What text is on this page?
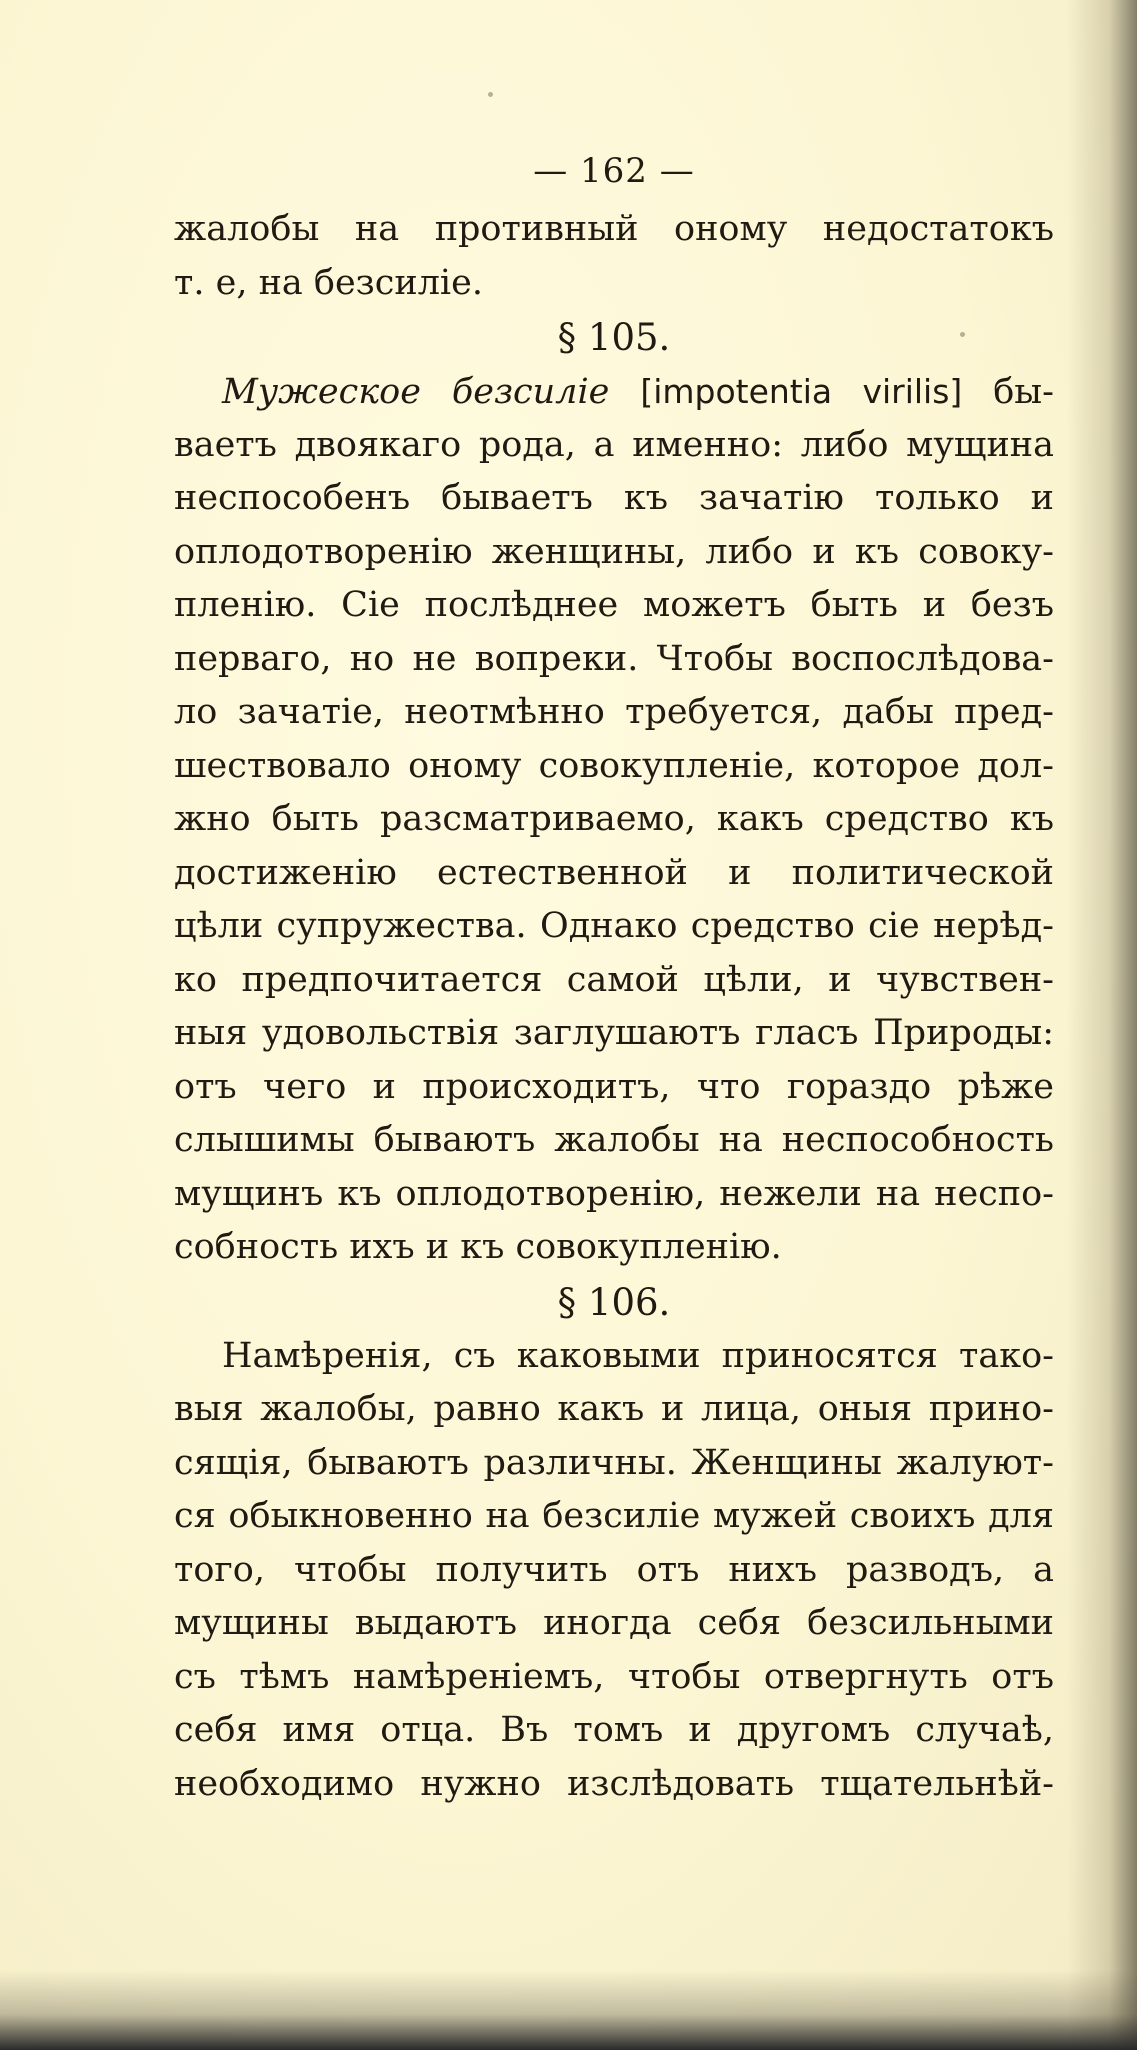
— 162 —
жалобы на противный оному недостатокъ
т. е, на безсилiе.
§ 105.
Мужеское безсилiе [impotentia virilis] бы-
ваетъ двоякаго рода, а именно: либо мущина
неспособенъ бываетъ къ зачатiю только и
оплодотворенiю женщины, либо и къ совоку-
пленiю. Сiе послѣднее можетъ быть и безъ
перваго, но не вопреки. Чтобы воспослѣдова-
ло зачатiе, неотмѣнно требуется, дабы пред-
шествовало оному совокупленiе, которое дол-
жно быть разсматриваемо, какъ средство къ
достиженiю естественной и политической
цѣли супружества. Однако средство сiе нерѣд-
ко предпочитается самой цѣли, и чувствен-
ныя удовольствiя заглушаютъ гласъ Природы:
отъ чего и происходитъ, что гораздо рѣже
слышимы бываютъ жалобы на неспособность
мущинъ къ оплодотворенiю, нежели на неспо-
собность ихъ и къ совокупленiю.
§ 106.
Намѣренiя, съ каковыми приносятся тако-
выя жалобы, равно какъ и лица, оныя прино-
сящiя, бываютъ различны. Женщины жалуют-
ся обыкновенно на безсилiе мужей своихъ для
того, чтобы получить отъ нихъ разводъ, а
мущины выдаютъ иногда себя безсильными
съ тѣмъ намѣренiемъ, чтобы отвергнуть отъ
себя имя отца. Въ томъ и другомъ случаѣ,
необходимо нужно изслѣдовать тщательнѣй-
